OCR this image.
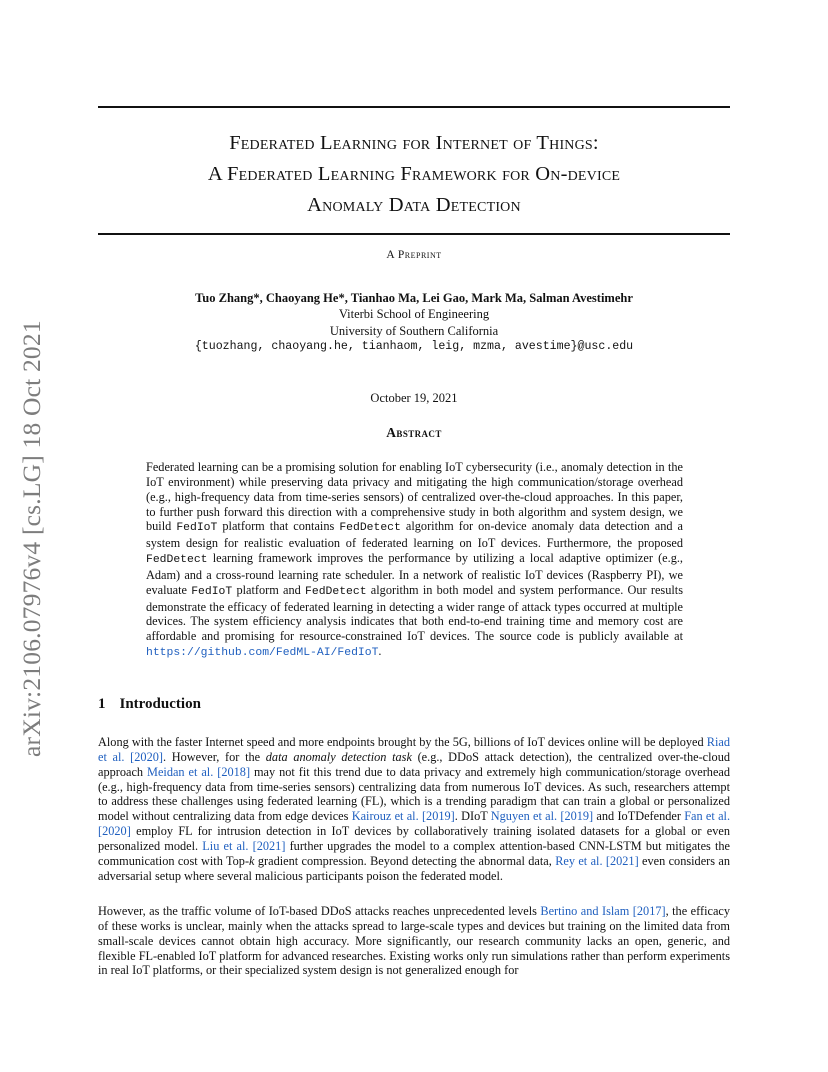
arXiv:2106.07976v4 [cs.LG] 18 Oct 2021
Federated Learning for Internet of Things:
A Federated Learning Framework for On-device
Anomaly Data Detection
A Preprint
Tuo Zhang*, Chaoyang He*, Tianhao Ma, Lei Gao, Mark Ma, Salman Avestimehr
Viterbi School of Engineering
University of Southern California
{tuozhang, chaoyang.he, tianhaom, leig, mzma, avestime}@usc.edu
October 19, 2021
Abstract
Federated learning can be a promising solution for enabling IoT cybersecurity (i.e., anomaly detection in the IoT environment) while preserving data privacy and mitigating the high communication/storage overhead (e.g., high-frequency data from time-series sensors) of centralized over-the-cloud approaches. In this paper, to further push forward this direction with a comprehensive study in both algorithm and system design, we build FedIoT platform that contains FedDetect algorithm for on-device anomaly data detection and a system design for realistic evaluation of federated learning on IoT devices. Furthermore, the proposed FedDetect learning framework improves the performance by utilizing a local adaptive optimizer (e.g., Adam) and a cross-round learning rate scheduler. In a network of realistic IoT devices (Raspberry PI), we evaluate FedIoT platform and FedDetect algorithm in both model and system performance. Our results demonstrate the efficacy of federated learning in detecting a wider range of attack types occurred at multiple devices. The system efficiency analysis indicates that both end-to-end training time and memory cost are affordable and promising for resource-constrained IoT devices. The source code is publicly available at https://github.com/FedML-AI/FedIoT.
1 Introduction
Along with the faster Internet speed and more endpoints brought by the 5G, billions of IoT devices online will be deployed Riad et al. [2020]. However, for the data anomaly detection task (e.g., DDoS attack detection), the centralized over-the-cloud approach Meidan et al. [2018] may not fit this trend due to data privacy and extremely high communication/storage overhead (e.g., high-frequency data from time-series sensors) centralizing data from numerous IoT devices. As such, researchers attempt to address these challenges using federated learning (FL), which is a trending paradigm that can train a global or personalized model without centralizing data from edge devices Kairouz et al. [2019]. DIoT Nguyen et al. [2019] and IoTDefender Fan et al. [2020] employ FL for intrusion detection in IoT devices by collaboratively training isolated datasets for a global or even personalized model. Liu et al. [2021] further upgrades the model to a complex attention-based CNN-LSTM but mitigates the communication cost with Top-k gradient compression. Beyond detecting the abnormal data, Rey et al. [2021] even considers an adversarial setup where several malicious participants poison the federated model.
However, as the traffic volume of IoT-based DDoS attacks reaches unprecedented levels Bertino and Islam [2017], the efficacy of these works is unclear, mainly when the attacks spread to large-scale types and devices but training on the limited data from small-scale devices cannot obtain high accuracy. More significantly, our research community lacks an open, generic, and flexible FL-enabled IoT platform for advanced researches. Existing works only run simulations rather than perform experiments in real IoT platforms, or their specialized system design is not generalized enough for
